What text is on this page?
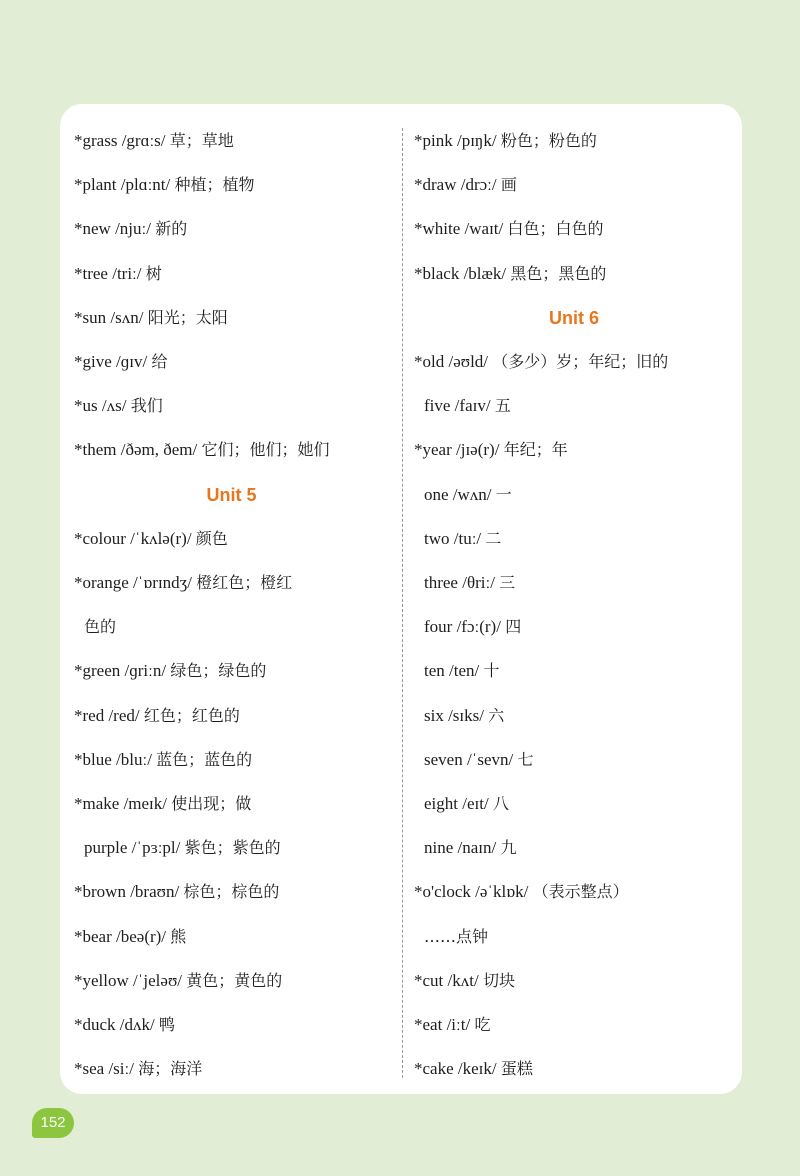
*grass /grɑːs/ 草；草地
*plant /plɑːnt/ 种植；植物
*new /njuː/ 新的
*tree /triː/ 树
*sun /sʌn/ 阳光；太阳
*give /ɡɪv/ 给
*us /ʌs/ 我们
*them /ðəm, ðem/ 它们；他们；她们
Unit 5
*colour /ˈkʌlə(r)/ 颜色
*orange /ˈɒrɪndʒ/ 橙红色；橙红
色的
*green /ɡriːn/ 绿色；绿色的
*red /red/ 红色；红色的
*blue /bluː/ 蓝色；蓝色的
*make /meɪk/ 使出现；做
purple /ˈpɜːpl/ 紫色；紫色的
*brown /braʊn/ 棕色；棕色的
*bear /beə(r)/ 熊
*yellow /ˈjeləʊ/ 黄色；黄色的
*duck /dʌk/ 鸭
*sea /siː/ 海；海洋
*pink /pɪŋk/ 粉色；粉色的
*draw /drɔː/ 画
*white /waɪt/ 白色；白色的
*black /blæk/ 黑色；黑色的
Unit 6
*old /əʊld/ （多少）岁；年纪；旧的
five /faɪv/ 五
*year /jɪə(r)/ 年纪；年
one /wʌn/ 一
two /tuː/ 二
three /θriː/ 三
four /fɔː(r)/ 四
ten /ten/ 十
six /sɪks/ 六
seven /ˈsevn/ 七
eight /eɪt/ 八
nine /naɪn/ 九
*o'clock /əˈklɒk/ （表示整点）
……点钟
*cut /kʌt/ 切块
*eat /iːt/ 吃
*cake /keɪk/ 蛋糕
152
